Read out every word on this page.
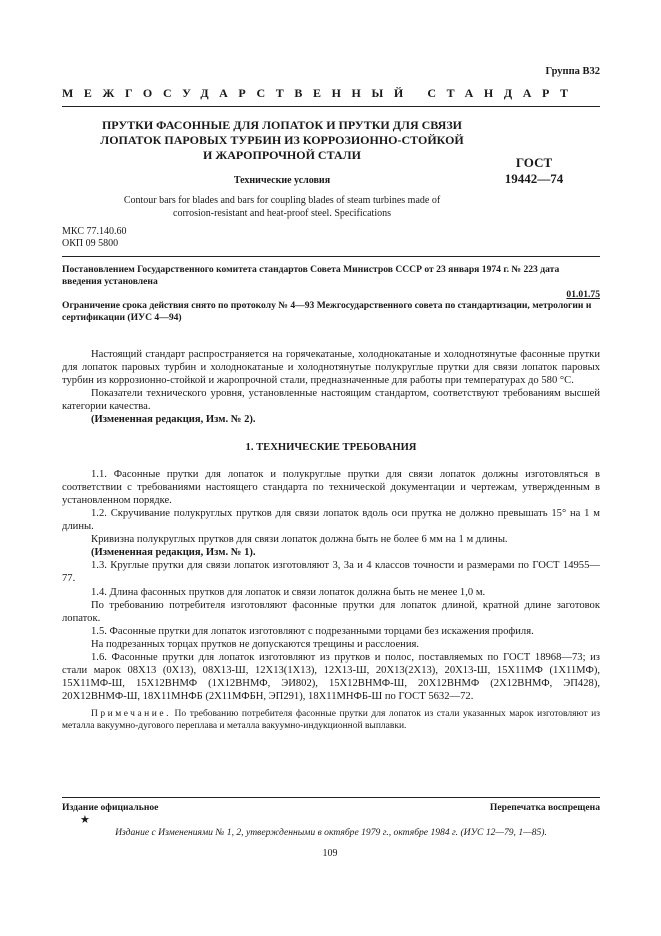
Группа В32
МЕЖГОСУДАРСТВЕННЫЙ СТАНДАРТ
ПРУТКИ ФАСОННЫЕ ДЛЯ ЛОПАТОК И ПРУТКИ ДЛЯ СВЯЗИ
ЛОПАТОК ПАРОВЫХ ТУРБИН ИЗ КОРРОЗИОННО-СТОЙКОЙ
И ЖАРОПРОЧНОЙ СТАЛИ	ГОСТ
19442—74
Технические условия
Contour bars for blades and bars for coupling blades of steam turbines made of
corrosion-resistant and heat-proof steel. Specifications
МКС 77.140.60
ОКП 09 5800
Постановлением Государственного комитета стандартов Совета Министров СССР от 23 января 1974 г. № 223 дата введения установлена
01.01.75
Ограничение срока действия снято по протоколу № 4—93 Межгосударственного совета по стандартизации, метрологии и сертификации (ИУС 4—94)

Настоящий стандарт распространяется на горячекатаные, холоднокатаные и холоднотянутые фасонные прутки для лопаток паровых турбин и холоднокатаные и холоднотянутые полукруглые прутки для связи лопаток паровых турбин из коррозионно-стойкой и жаропрочной стали, предназначенные для работы при температурах до 580 °С.

Показатели технического уровня, установленные настоящим стандартом, соответствуют требованиям высшей категории качества.

(Измененная редакция, Изм. № 2).

1. ТЕХНИЧЕСКИЕ ТРЕБОВАНИЯ

1.1. Фасонные прутки для лопаток и полукруглые прутки для связи лопаток должны изготовляться в соответствии с требованиями настоящего стандарта по технической документации и чертежам, утвержденным в установленном порядке.

1.2. Скручивание полукруглых прутков для связи лопаток вдоль оси прутка не должно превышать 15° на 1 м длины.

Кривизна полукруглых прутков для связи лопаток должна быть не более 6 мм на 1 м длины.

(Измененная редакция, Изм. № 1).

1.3. Круглые прутки для связи лопаток изготовляют 3, 3а и 4 классов точности и размерами по ГОСТ 14955—77.

1.4. Длина фасонных прутков для лопаток и связи лопаток должна быть не менее 1,0 м.

По требованию потребителя изготовляют фасонные прутки для лопаток длиной, кратной длине заготовок лопаток.

1.5. Фасонные прутки для лопаток изготовляют с подрезанными торцами без искажения профиля.

На подрезанных торцах прутков не допускаются трещины и расслоения.

1.6. Фасонные прутки для лопаток изготовляют из прутков и полос, поставляемых по ГОСТ 18968—73; из стали марок 08Х13 (0Х13), 08Х13-Ш, 12Х13(1Х13), 12Х13-Ш, 20Х13(2Х13), 20Х13-Ш, 15Х11МФ (1Х11МФ), 15Х11МФ-Ш, 15Х12ВНМФ (1Х12ВНМФ, ЭИ802), 15Х12ВНМФ-Ш, 20Х12ВНМФ (2Х12ВНМФ, ЭП428), 20Х12ВНМФ-Ш, 18Х11МНФБ (2Х11МФБН, ЭП291), 18Х11МНФБ-Ш по ГОСТ 5632—72.

Примечание. По требованию потребителя фасонные прутки для лопаток из стали указанных марок изготовляют из металла вакуумно-дугового переплава и металла вакуумно-индукционной выплавки.

Издание официальное	Перепечатка воспрещена
★
Издание с Изменениями № 1, 2, утвержденными в октябре 1979 г., октябре 1984 г. (ИУС 12—79, 1—85).
109
